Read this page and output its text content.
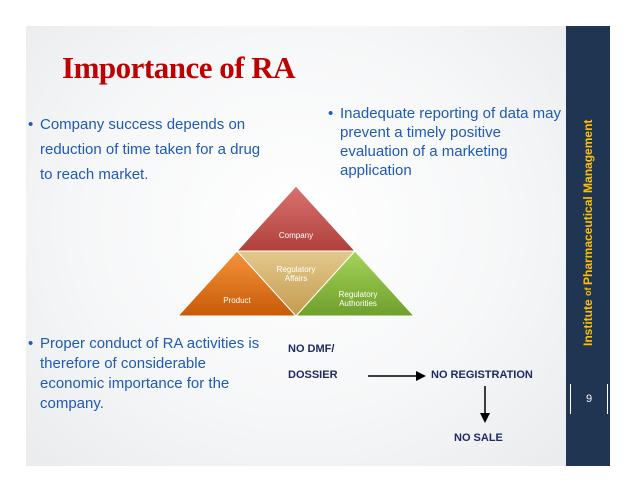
Institute
of
Pharmaceutical Management
9
Importance of RA
• Company success depends on reduction of time taken for a drug to reach market.
• Inadequate reporting of data may prevent a timely positive evaluation of a marketing application
• Proper conduct of RA activities is therefore of considerable economic importance for the company.
Company
Regulatory
Affairs
Product
Regulatory
Authorities
NO DMF/
DOSSIER	NO REGISTRATION
NO SALE
